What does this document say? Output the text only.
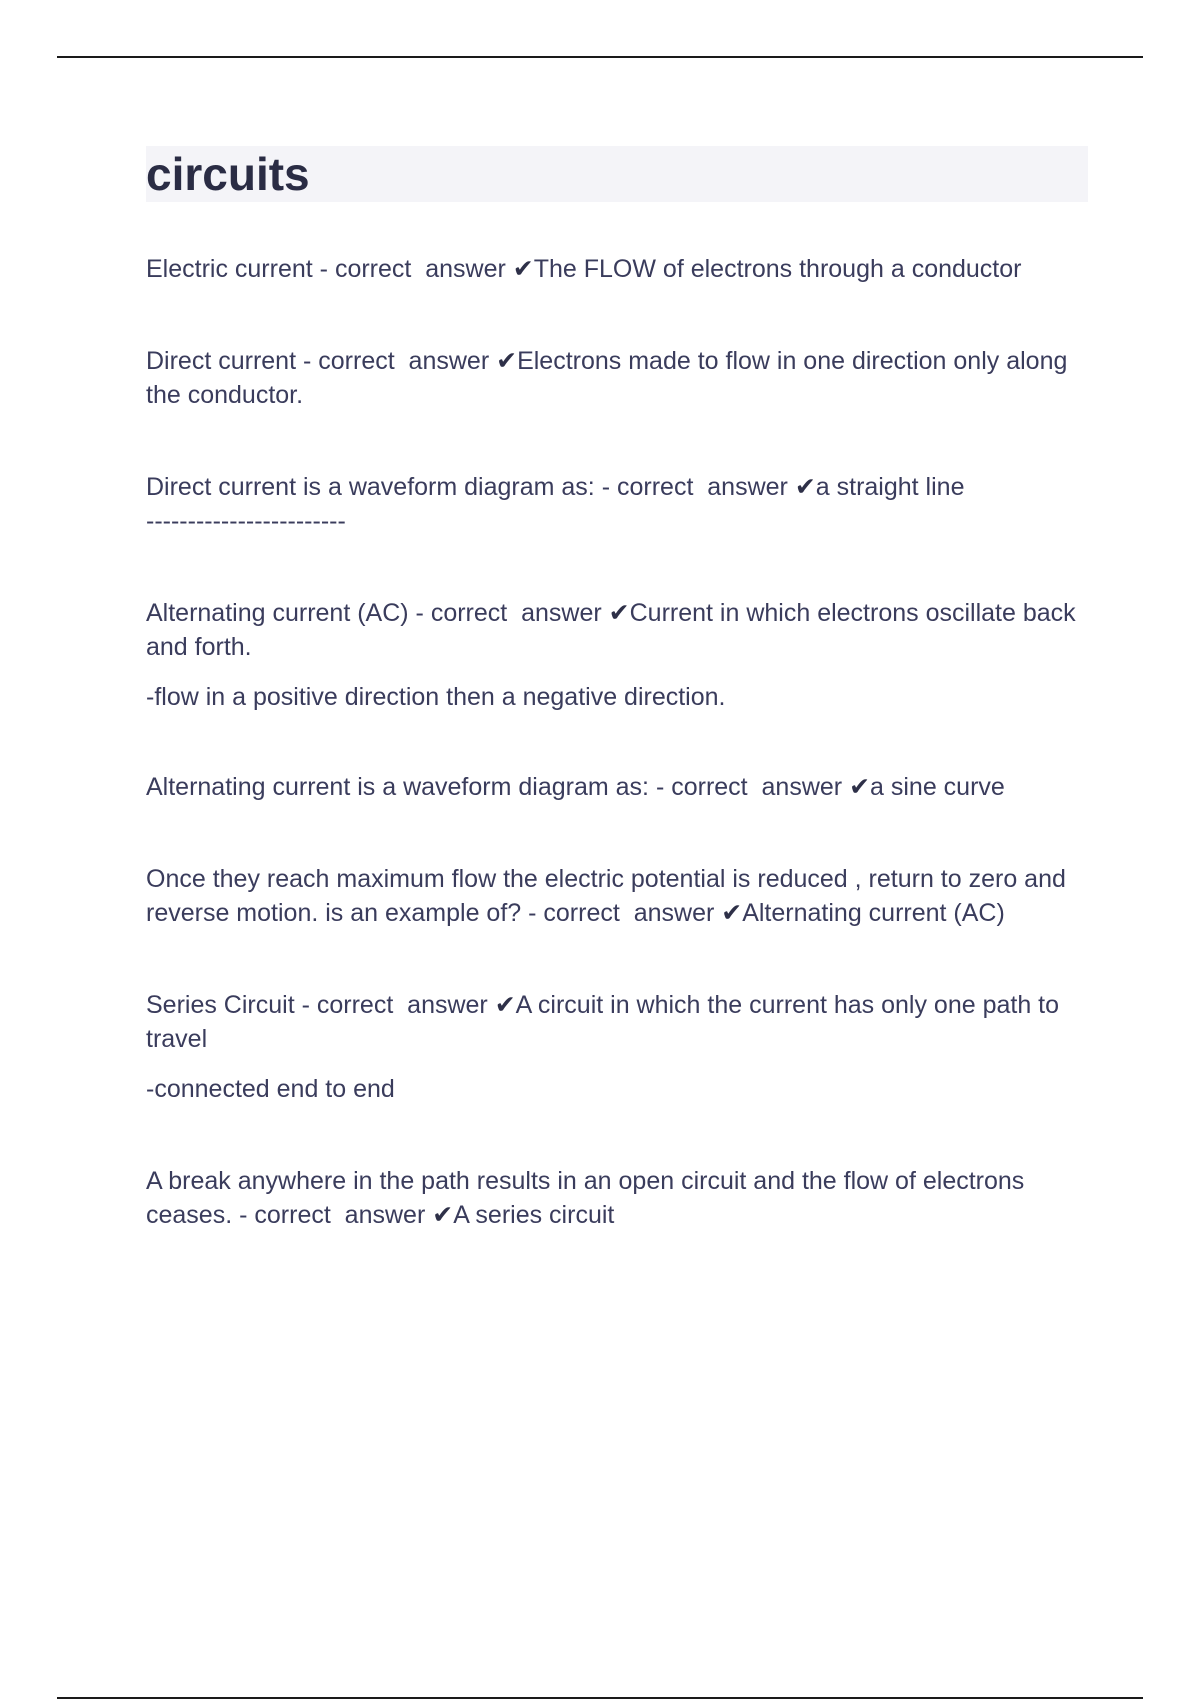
circuits

Electric current - correct  answer ✔The FLOW of electrons through a conductor

Direct current - correct  answer ✔Electrons made to flow in one direction only along the conductor.

Direct current is a waveform diagram as: - correct  answer ✔a straight line
------------------------

Alternating current (AC) - correct  answer ✔Current in which electrons oscillate back and forth.

-flow in a positive direction then a negative direction.

Alternating current is a waveform diagram as: - correct  answer ✔a sine curve

Once they reach maximum flow the electric potential is reduced , return to zero and reverse motion. is an example of? - correct  answer ✔Alternating current (AC)

Series Circuit - correct  answer ✔A circuit in which the current has only one path to travel

-connected end to end

A break anywhere in the path results in an open circuit and the flow of electrons ceases. - correct  answer ✔A series circuit
